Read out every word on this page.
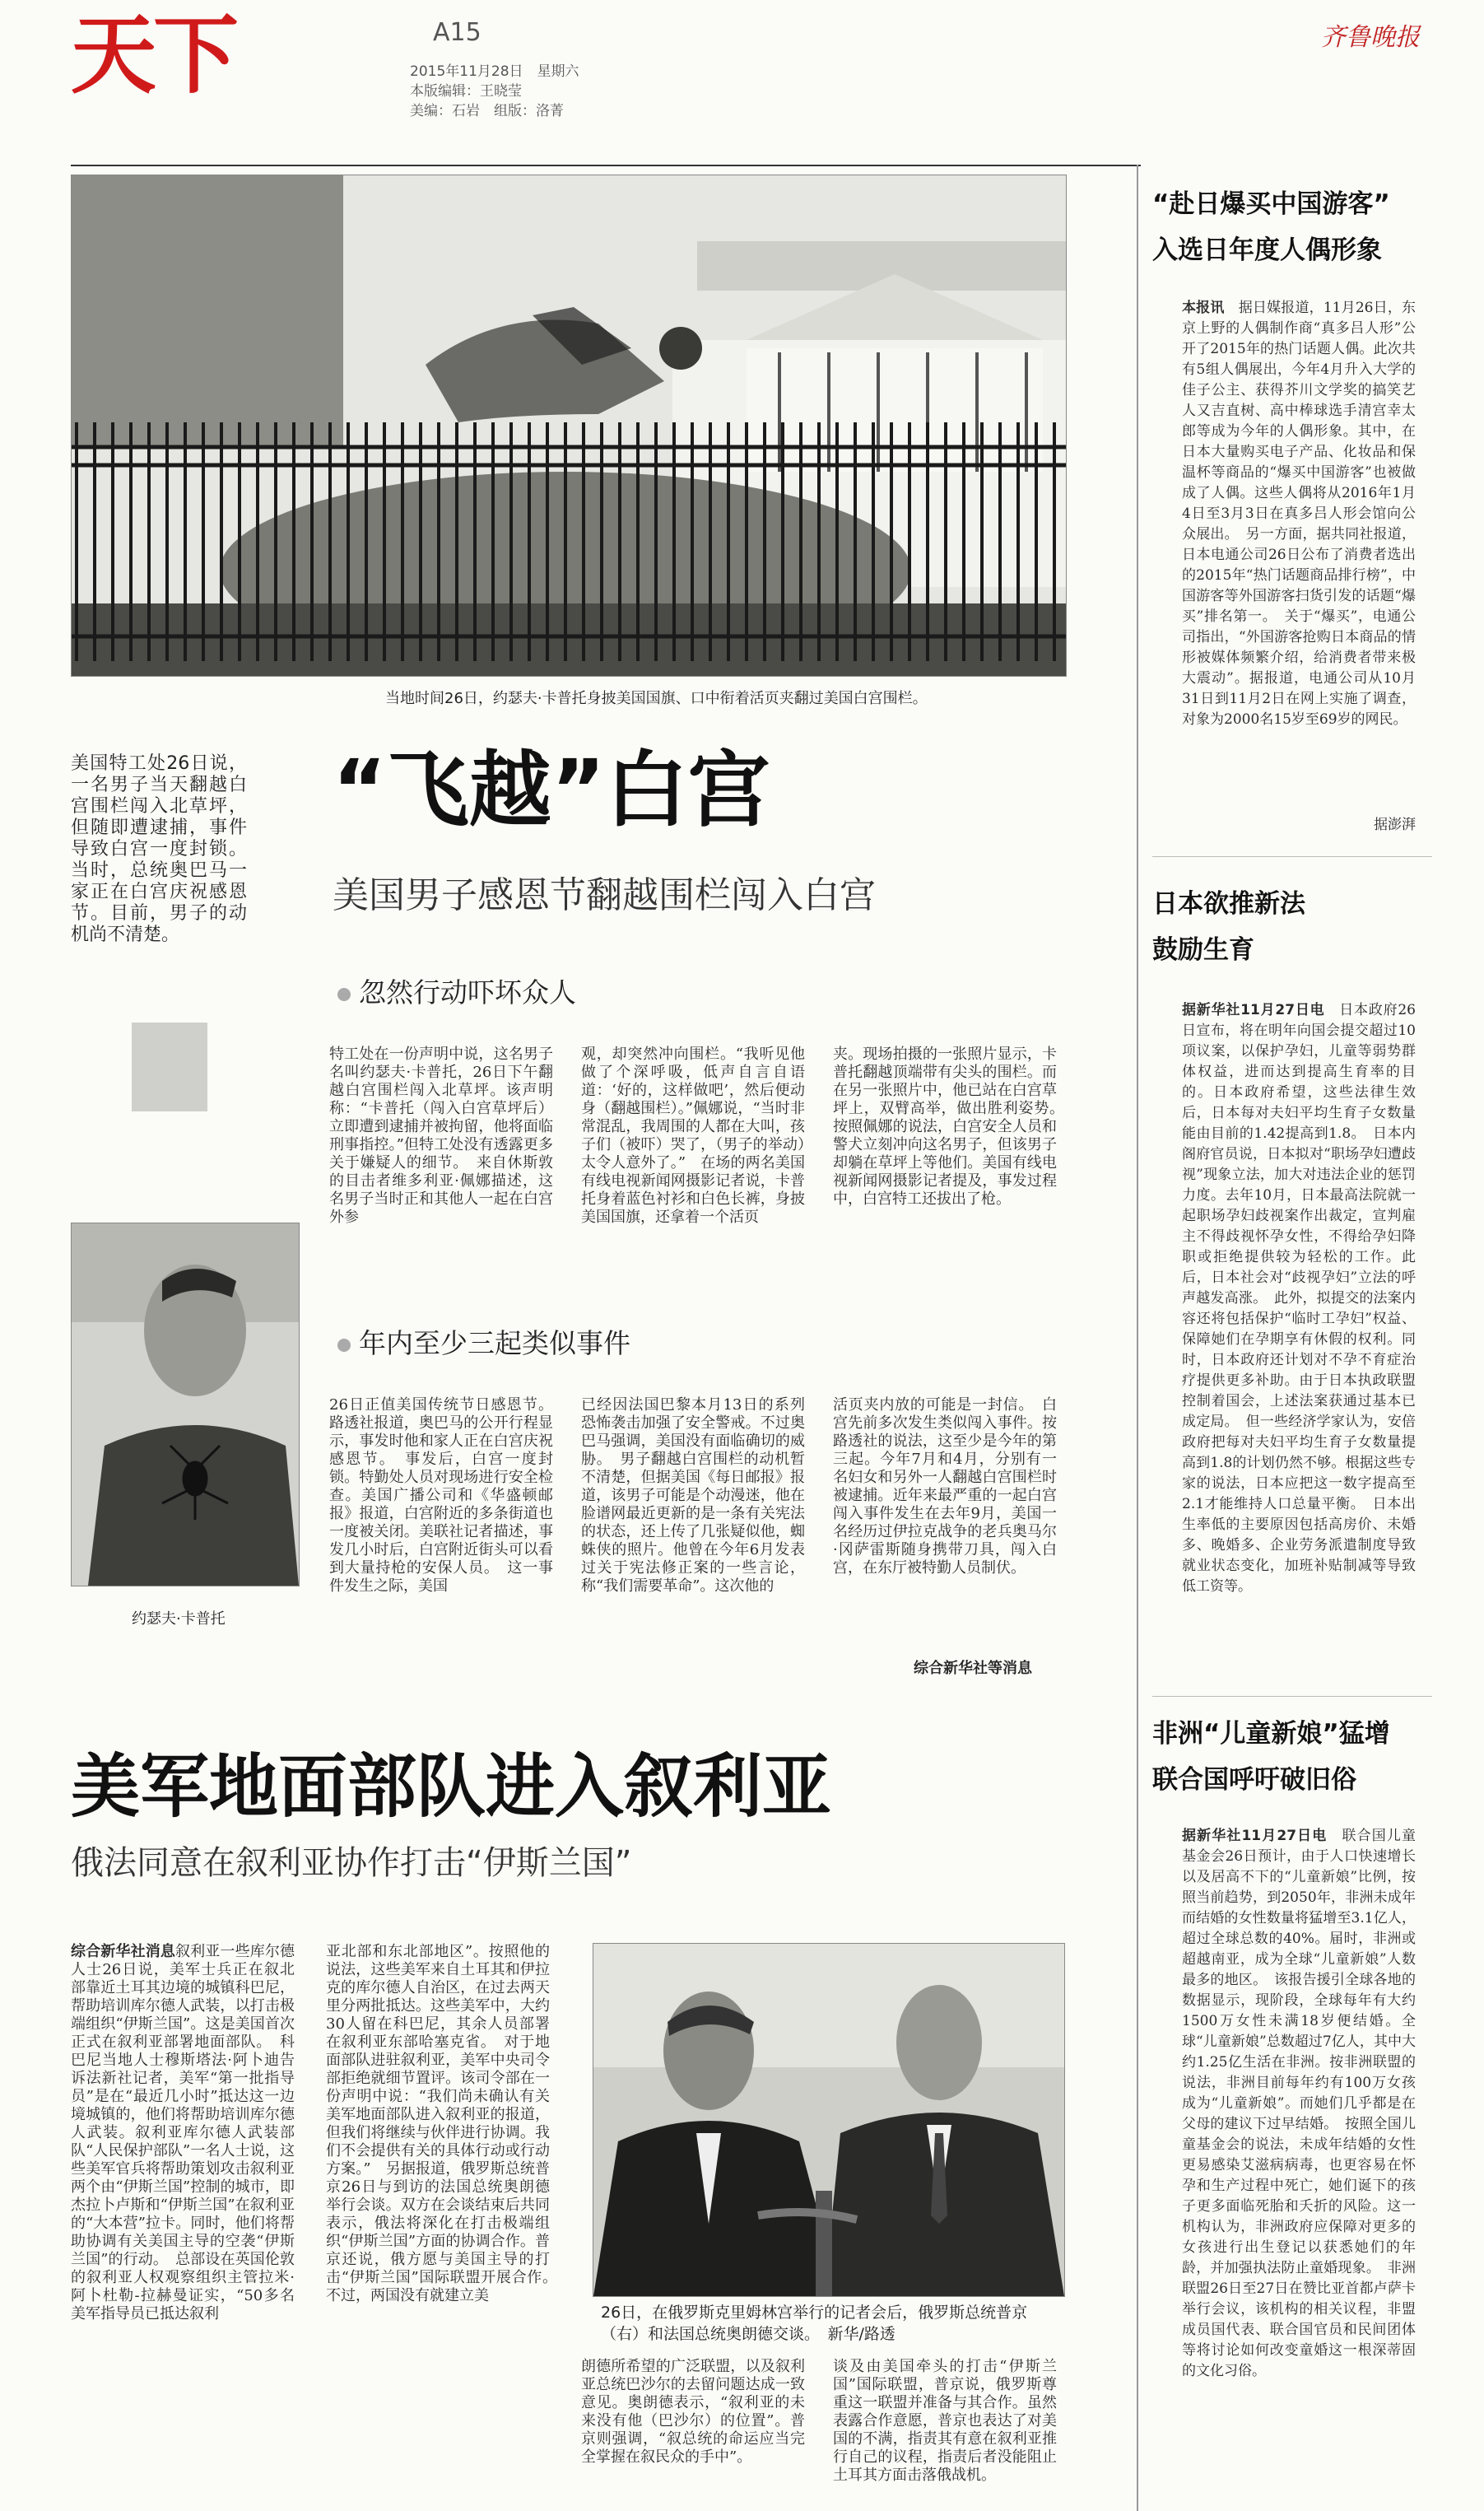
天下	A15
2015年11月28日　星期六
本版编辑：王晓莹
美编：石岩　组版：洛菁
齐鲁晚报
当地时间26日，约瑟夫·卡普托身披美国国旗、口中衔着活页夹翻过美国白宫围栏。
美国特工处26日说，一名男子当天翻越白宫围栏闯入北草坪，但随即遭逮捕，事件导致白宫一度封锁。当时，总统奥巴马一家正在白宫庆祝感恩节。目前，男子的动机尚不清楚。
约瑟夫·卡普托
“飞越”白宫
美国男子感恩节翻越围栏闯入白宫
忽然行动吓坏众人
特工处在一份声明中说，这名男子名叫约瑟夫·卡普托，26日下午翻越白宫围栏闯入北草坪。该声明称：“卡普托（闯入白宫草坪后）立即遭到逮捕并被拘留，他将面临刑事指控。”但特工处没有透露更多关于嫌疑人的细节。　来自休斯敦的目击者维多利亚·佩娜描述，这名男子当时正和其他人一起在白宫外参
观，却突然冲向围栏。“我听见他做了个深呼吸，低声自言自语道：‘好的，这样做吧’，然后便动身（翻越围栏）。”佩娜说，“当时非常混乱，我周围的人都在大叫，孩子们（被吓）哭了，（男子的举动）太令人意外了。”　在场的两名美国有线电视新闻网摄影记者说，卡普托身着蓝色衬衫和白色长裤，身披美国国旗，还拿着一个活页
夹。现场拍摄的一张照片显示，卡普托翻越顶端带有尖头的围栏。而在另一张照片中，他已站在白宫草坪上，双臂高举，做出胜利姿势。　按照佩娜的说法，白宫安全人员和警犬立刻冲向这名男子，但该男子却躺在草坪上等他们。美国有线电视新闻网摄影记者提及，事发过程中，白宫特工还拔出了枪。
年内至少三起类似事件
26日正值美国传统节日感恩节。路透社报道，奥巴马的公开行程显示，事发时他和家人正在白宫庆祝感恩节。　事发后，白宫一度封锁。特勤处人员对现场进行安全检查。美国广播公司和《华盛顿邮报》报道，白宫附近的多条街道也一度被关闭。美联社记者描述，事发几小时后，白宫附近街头可以看到大量持枪的安保人员。　这一事件发生之际，美国
已经因法国巴黎本月13日的系列恐怖袭击加强了安全警戒。不过奥巴马强调，美国没有面临确切的威胁。　男子翻越白宫围栏的动机暂不清楚，但据美国《每日邮报》报道，该男子可能是个动漫迷，他在脸谱网最近更新的是一条有关宪法的状态，还上传了几张疑似他，蜘蛛侠的照片。他曾在今年6月发表过关于宪法修正案的一些言论，称“我们需要革命”。这次他的
活页夹内放的可能是一封信。　白宫先前多次发生类似闯入事件。按路透社的说法，这至少是今年的第三起。今年7月和4月，分别有一名妇女和另外一人翻越白宫围栏时被逮捕。近年来最严重的一起白宫闯入事件发生在去年9月，美国一名经历过伊拉克战争的老兵奥马尔·冈萨雷斯随身携带刀具，闯入白宫，在东厅被特勤人员制伏。
综合新华社等消息
美军地面部队进入叙利亚
俄法同意在叙利亚协作打击“伊斯兰国”
综合新华社消息叙利亚一些库尔德人士26日说，美军士兵正在叙北部靠近土耳其边境的城镇科巴尼，帮助培训库尔德人武装，以打击极端组织“伊斯兰国”。这是美国首次正式在叙利亚部署地面部队。　科巴尼当地人士穆斯塔法·阿卜迪告诉法新社记者，美军“第一批指导员”是在“最近几小时”抵达这一边境城镇的，他们将帮助培训库尔德人武装。叙利亚库尔德人武装部队“人民保护部队”一名人士说，这些美军官兵将帮助策划攻击叙利亚两个由“伊斯兰国”控制的城市，即杰拉卜卢斯和“伊斯兰国”在叙利亚的“大本营”拉卡。同时，他们将帮助协调有关美国主导的空袭“伊斯兰国”的行动。　总部设在英国伦敦的叙利亚人权观察组织主管拉米·阿卜杜勒-拉赫曼证实，“50多名美军指导员已抵达叙利
亚北部和东北部地区”。按照他的说法，这些美军来自土耳其和伊拉克的库尔德人自治区，在过去两天里分两批抵达。这些美军中，大约30人留在科巴尼，其余人员部署在叙利亚东部哈塞克省。　对于地面部队进驻叙利亚，美军中央司令部拒绝就细节置评。该司令部在一份声明中说：“我们尚未确认有关美军地面部队进入叙利亚的报道，但我们将继续与伙伴进行协调。我们不会提供有关的具体行动或行动方案。”　另据报道，俄罗斯总统普京26日与到访的法国总统奥朗德举行会谈。双方在会谈结束后共同表示，俄法将深化在打击极端组织“伊斯兰国”方面的协调合作。普京还说，俄方愿与美国主导的打击“伊斯兰国”国际联盟开展合作。　不过，两国没有就建立美
26日，在俄罗斯克里姆林宫举行的记者会后，俄罗斯总统普京（右）和法国总统奥朗德交谈。　新华/路透
朗德所希望的广泛联盟，以及叙利亚总统巴沙尔的去留问题达成一致意见。奥朗德表示，“叙利亚的未来没有他（巴沙尔）的位置”。普京则强调，“叙总统的命运应当完全掌握在叙民众的手中”。
谈及由美国牵头的打击“伊斯兰国”国际联盟，普京说，俄罗斯尊重这一联盟并准备与其合作。虽然表露合作意愿，普京也表达了对美国的不满，指责其有意在叙利亚推行自己的议程，指责后者没能阻止土耳其方面击落俄战机。
“赴日爆买中国游客”
入选日年度人偶形象
本报讯　 据日媒报道，11月26日，东京上野的人偶制作商“真多吕人形”公开了2015年的热门话题人偶。此次共有5组人偶展出，今年4月升入大学的佳子公主、获得芥川文学奖的搞笑艺人又吉直树、高中棒球选手清宫幸太郎等成为今年的人偶形象。其中，在日本大量购买电子产品、化妆品和保温杯等商品的“爆买中国游客”也被做成了人偶。这些人偶将从2016年1月4日至3月3日在真多吕人形会馆向公众展出。　另一方面，据共同社报道，日本电通公司26日公布了消费者选出的2015年“热门话题商品排行榜”，中国游客等外国游客扫货引发的话题“爆买”排名第一。　关于“爆买”，电通公司指出，“外国游客抢购日本商品的情形被媒体频繁介绍，给消费者带来极大震动”。据报道，电通公司从10月31日到11月2日在网上实施了调查，对象为2000名15岁至69岁的网民。
据澎湃
日本欲推新法
鼓励生育
据新华社11月27日电　 日本政府26日宣布，将在明年向国会提交超过10项议案，以保护孕妇，儿童等弱势群体权益，进而达到提高生育率的目的。日本政府希望，这些法律生效后，日本每对夫妇平均生育子女数量能由目前的1.42提高到1.8。　日本内阁府官员说，日本拟对“职场孕妇遭歧视”现象立法，加大对违法企业的惩罚力度。去年10月，日本最高法院就一起职场孕妇歧视案作出裁定，宣判雇主不得歧视怀孕女性，不得给孕妇降职或拒绝提供较为轻松的工作。此后，日本社会对“歧视孕妇”立法的呼声越发高涨。　此外，拟提交的法案内容还将包括保护“临时工孕妇”权益、保障她们在孕期享有休假的权利。同时，日本政府还计划对不孕不育症治疗提供更多补助。由于日本执政联盟控制着国会，上述法案获通过基本已成定局。　但一些经济学家认为，安倍政府把每对夫妇平均生育子女数量提高到1.8的计划仍然不够。根据这些专家的说法，日本应把这一数字提高至2.1才能维持人口总量平衡。　日本出生率低的主要原因包括高房价、未婚多、晚婚多、企业劳务派遣制度导致就业状态变化，加班补贴制减等导致低工资等。
非洲“儿童新娘”猛增
联合国呼吁破旧俗
据新华社11月27日电　 联合国儿童基金会26日预计，由于人口快速增长以及居高不下的“儿童新娘”比例，按照当前趋势，到2050年，非洲未成年而结婚的女性数量将猛增至3.1亿人，超过全球总数的40%。届时，非洲或超越南亚，成为全球“儿童新娘”人数最多的地区。　该报告援引全球各地的数据显示，现阶段，全球每年有大约1500万女性未满18岁便结婚。全球“儿童新娘”总数超过7亿人，其中大约1.25亿生活在非洲。按非洲联盟的说法，非洲目前每年约有100万女孩成为“儿童新娘”。而她们几乎都是在父母的建议下过早结婚。　按照全国儿童基金会的说法，未成年结婚的女性更易感染艾滋病病毒，也更容易在怀孕和生产过程中死亡，她们诞下的孩子更多面临死胎和夭折的风险。这一机构认为，非洲政府应保障对更多的女孩进行出生登记以获悉她们的年龄，并加强执法防止童婚现象。　非洲联盟26日至27日在赞比亚首都卢萨卡举行会议，该机构的相关议程，非盟成员国代表、联合国官员和民间团体等将讨论如何改变童婚这一根深蒂固的文化习俗。
